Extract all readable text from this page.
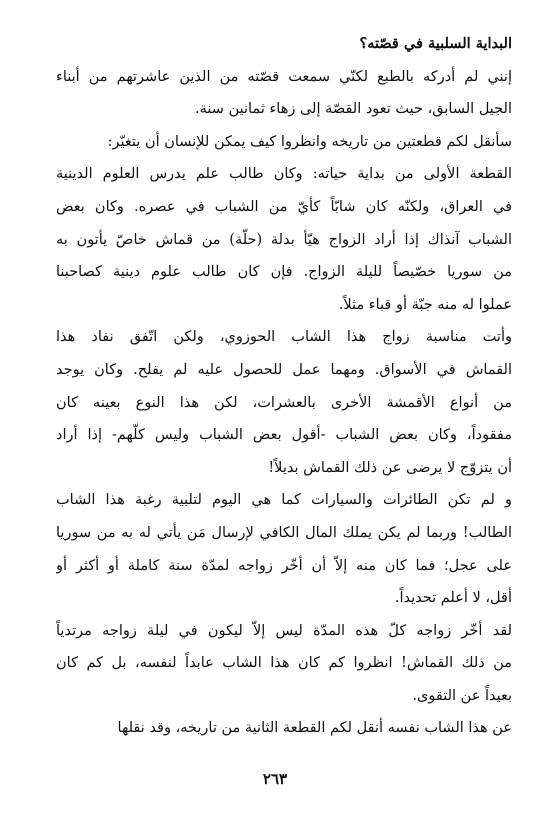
البداية السلبية في قصّته؟

إنني لم أدركه بالطبع لكنّي سمعت قصّته من الذين عاشرتهم من أبناء
الجيل السابق، حيث تعود القصّة إلى زهاء ثمانين سنة.

سأنقل لكم قطعتين من تاريخه وانظروا كيف يمكن للإنسان أن يتغيّر:

القطعة الأولى من بداية حياته: وكان طالب علم يدرس العلوم الدينية
في العراق، ولكنّه كان شابّاً كأيّ من الشباب في عصره. وكان بعض
الشباب آنذاك إذا أراد الزواج هيّأ بدلة (حلّة) من قماش خاصّ يأتون به
من سوريا خصّيصاً لليلة الزواج. فإن كان طالب علوم دينية كصاحبنا
عملوا له منه جبّة أو قباء مثلاً.

وأتت مناسبة زواج هذا الشاب الحوزوي، ولكن اتّفق نفاد هذا
القماش في الأسواق. ومهما عمل للحصول عليه لم يفلح. وكان يوجد
من أنواع الأقمشة الأخرى بالعشرات، لكن هذا النوع بعينه كان
مفقوداً، وكان بعض الشباب -أقول بعض الشباب وليس كلّهم- إذا أراد
أن يتزوّج لا يرضى عن ذلك القماش بديلاً!

و لم تكن الطائرات والسيارات كما هي اليوم لتلبية رغبة هذا الشاب
الطالب! وربما لم يكن يملك المال الكافي لإرسال مَن يأتي له به من سوريا
على عجل؛ فما كان منه إلاّ أن أخّر زواجه لمدّة سنة كاملة أو أكثر أو
أقل، لا أعلم تحديداً.

لقد أخّر زواجه كلّ هذه المدّة ليس إلاّ ليكون في ليلة زواجه مرتدياً
من ذلك القماش! انظروا كم كان هذا الشاب عابداً لنفسه، بل كم كان
بعيداً عن التقوى.

عن هذا الشاب نفسه أنقل لكم القطعة الثانية من تاريخه، وقد نقلها

٢٦٣
